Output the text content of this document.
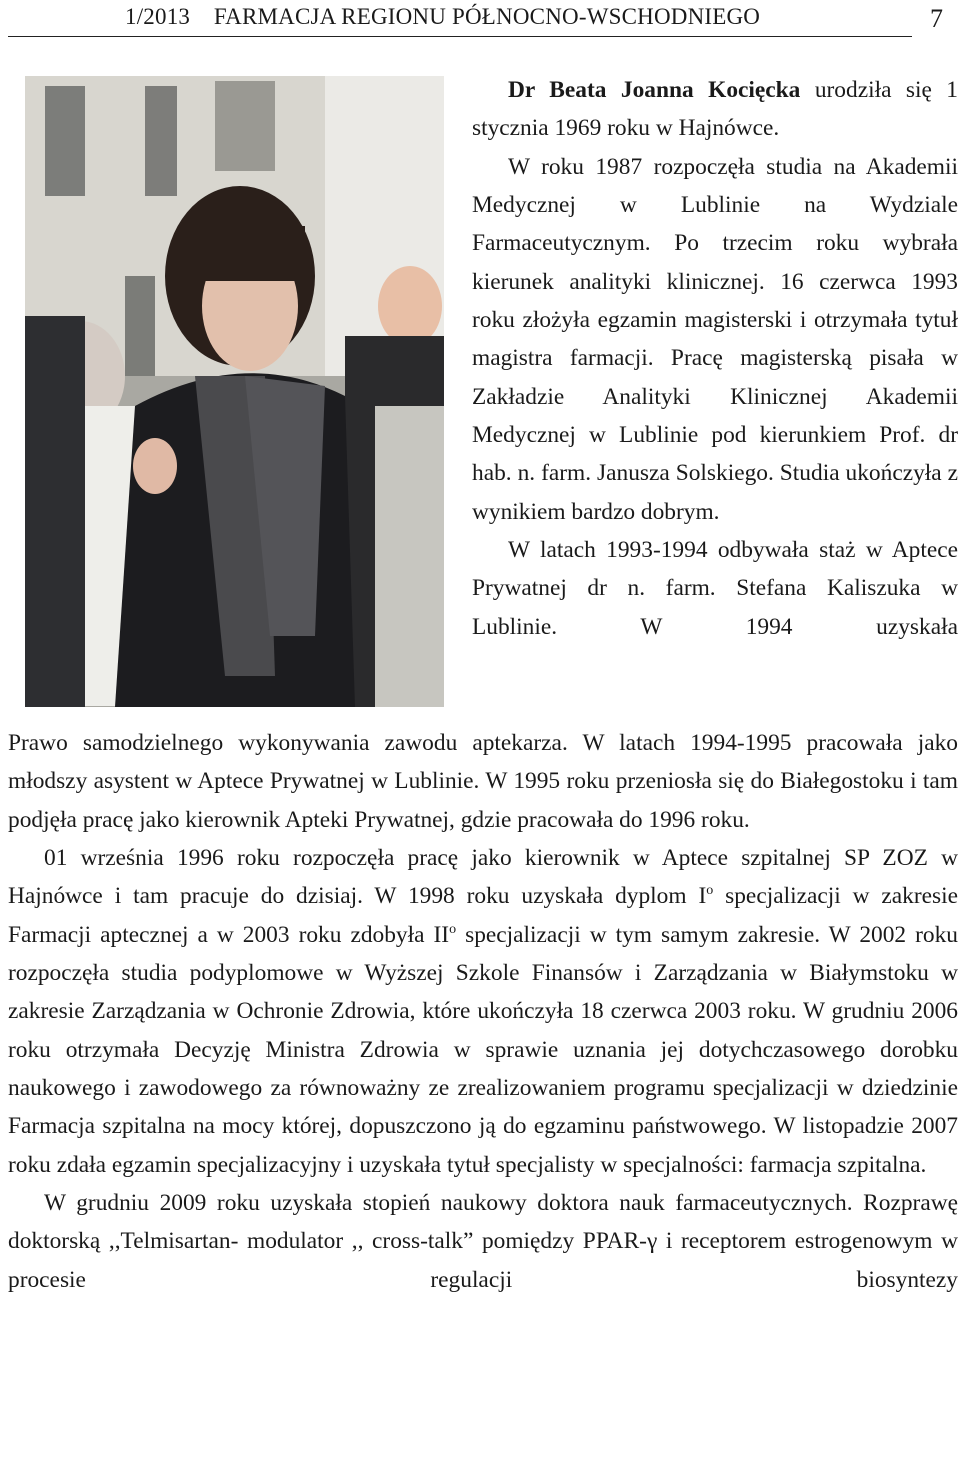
1/2013    FARMACJA REGIONU PÓŁNOCNO-WSCHODNIEGO	7

Dr Beata Joanna Kocięcka urodziła się 1 stycznia 1969 roku w Hajnówce.

W roku 1987 rozpoczęła studia na Akademii Medycznej w Lublinie na Wydziale Farmaceutycznym. Po trzecim roku wybrała kierunek analityki klinicznej. 16 czerwca 1993 roku złożyła egzamin magisterski i otrzymała tytuł magistra farmacji. Pracę magisterską pisała w Zakładzie Analityki Klinicznej Akademii Medycznej w Lublinie pod kierunkiem Prof. dr hab. n. farm. Janusza Solskiego. Studia ukończyła z wynikiem bardzo dobrym.

W latach 1993-1994 odbywała staż w Aptece Prywatnej dr n. farm. Stefana Kaliszuka w Lublinie. W 1994 uzyskała

Prawo samodzielnego wykonywania zawodu aptekarza. W latach 1994-1995 pracowała jako młodszy asystent w Aptece Prywatnej w Lublinie. W 1995 roku przeniosła się do Białegostoku i tam podjęła pracę jako kierownik Apteki Prywatnej, gdzie pracowała do 1996 roku.

01 września 1996 roku rozpoczęła pracę jako kierownik w Aptece szpitalnej SP ZOZ w Hajnówce i tam pracuje do dzisiaj. W 1998 roku uzyskała dyplom $I^o$ specjalizacji w zakresie Farmacji aptecznej a w 2003 roku zdobyła $II^o$ specjalizacji w tym samym zakresie. W 2002 roku rozpoczęła studia podyplomowe w Wyższej Szkole Finansów i Zarządzania w Białymstoku w zakresie Zarządzania w Ochronie Zdrowia, które ukończyła 18 czerwca 2003 roku. W grudniu 2006 roku otrzymała Decyzję Ministra Zdrowia w sprawie uznania jej dotychczasowego dorobku naukowego i zawodowego za równoważny ze zrealizowaniem programu specjalizacji w dziedzinie Farmacja szpitalna na mocy której, dopuszczono ją do egzaminu państwowego. W listopadzie 2007 roku zdała egzamin specjalizacyjny i uzyskała tytuł specjalisty w specjalności: farmacja szpitalna.

W grudniu 2009 roku uzyskała stopień naukowy doktora nauk farmaceutycznych. Rozprawę doktorską ,,Telmisartan- modulator ,, cross-talk” pomiędzy PPAR-γ i receptorem estrogenowym w procesie regulacji biosyntezy
